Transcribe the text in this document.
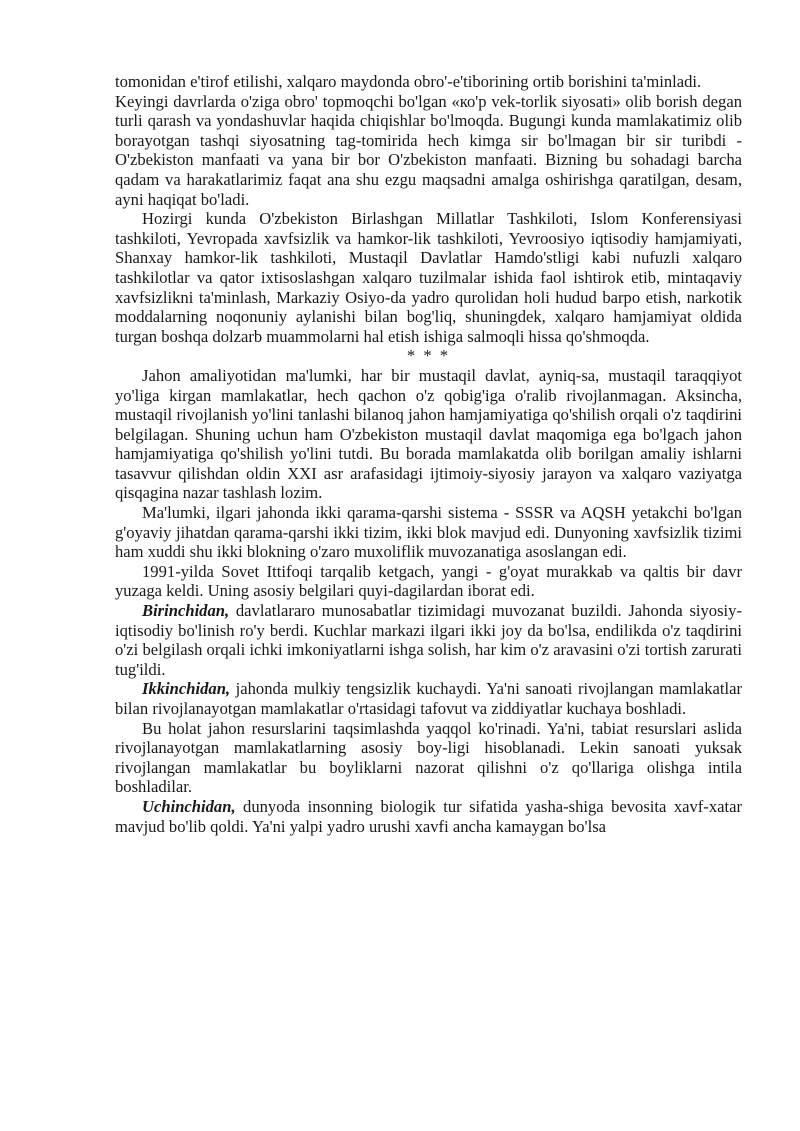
tomonidan e'tirof etilishi, xalqaro maydonda obro'-e'tiborining ortib borishini ta'minladi.

Keyingi davrlarda o'ziga obro' topmoqchi bo'lgan «ко'р vek-torlik siyosati» olib borish degan turli qarash va yondashuvlar haqida chiqishlar bo'lmoqda. Bugungi kunda mamlakatimiz olib borayotgan tashqi siyosatning tag-tomirida hech kimga sir bo'lmagan bir sir turibdi - O'zbekiston manfaati va yana bir bor O'zbekiston manfaati. Bizning bu sohadagi barcha qadam va harakatlarimiz faqat ana shu ezgu maqsadni amalga oshirishga qaratilgan, desam, ayni haqiqat bo'ladi.

Hozirgi kunda O'zbekiston Birlashgan Millatlar Tashkiloti, Islom Konferensiyasi tashkiloti, Yevropada xavfsizlik va hamkor-lik tashkiloti, Yevroosiyo iqtisodiy hamjamiyati, Shanxay hamkor-lik tashkiloti, Mustaqil Davlatlar Hamdo'stligi kabi nufuzli xalqaro tashkilotlar va qator ixtisoslashgan xalqaro tuzilmalar ishida faol ishtirok etib, mintaqaviy xavfsizlikni ta'minlash, Markaziy Osiyo-da yadro qurolidan holi hudud barpo etish, narkotik moddalarning noqonuniy aylanishi bilan bog'liq, shuningdek, xalqaro hamjamiyat oldida turgan boshqa dolzarb muammolarni hal etish ishiga salmoqli hissa qo'shmoqda.

* * *

Jahon amaliyotidan ma'lumki, har bir mustaqil davlat, ayniq-sa, mustaqil taraqqiyot yo'liga kirgan mamlakatlar, hech qachon o'z qobig'iga o'ralib rivojlanmagan. Aksincha, mustaqil rivojlanish yo'lini tanlashi bilanoq jahon hamjamiyatiga qo'shilish orqali o'z taqdirini belgilagan. Shuning uchun ham O'zbekiston mustaqil davlat maqomiga ega bo'lgach jahon hamjamiyatiga qo'shilish yo'lini tutdi. Bu borada mamlakatda olib borilgan amaliy ishlarni tasavvur qilishdan oldin XXI asr arafasidagi ijtimoiy-siyosiy jarayon va xalqaro vaziyatga qisqagina nazar tashlash lozim.

Ma'lumki, ilgari jahonda ikki qarama-qarshi sistema - SSSR va AQSH yetakchi bo'lgan g'oyaviy jihatdan qarama-qarshi ikki tizim, ikki blok mavjud edi. Dunyoning xavfsizlik tizimi ham xuddi shu ikki blokning o'zaro muxoliflik muvozanatiga asoslangan edi.

1991-yilda Sovet Ittifoqi tarqalib ketgach, yangi - g'oyat murakkab va qaltis bir davr yuzaga keldi. Uning asosiy belgilari quyi-dagilardan iborat edi.

Birinchidan, davlatlararo munosabatlar tizimidagi muvozanat buzildi. Jahonda siyosiy-iqtisodiy bo'linish ro'y berdi. Kuchlar markazi ilgari ikki joy da bo'lsa, endilikda o'z taqdirini o'zi belgilash orqali ichki imkoniyatlarni ishga solish, har kim o'z aravasini o'zi tortish zarurati tug'ildi.

Ikkinchidan, jahonda mulkiy tengsizlik kuchaydi. Ya'ni sanoati rivojlangan mamlakatlar bilan rivojlanayotgan mamlakatlar o'rtasidagi tafovut va ziddiyatlar kuchaya boshladi.

Bu holat jahon resurslarini taqsimlashda yaqqol ko'rinadi. Ya'ni, tabiat resurslari aslida rivojlanayotgan mamlakatlarning asosiy boy-ligi hisoblanadi. Lekin sanoati yuksak rivojlangan mamlakatlar bu boyliklarni nazorat qilishni o'z qo'llariga olishga intila boshladilar.

Uchinchidan, dunyoda insonning biologik tur sifatida yasha-shiga bevosita xavf-xatar mavjud bo'lib qoldi. Ya'ni yalpi yadro urushi xavfi ancha kamaygan bo'lsa
